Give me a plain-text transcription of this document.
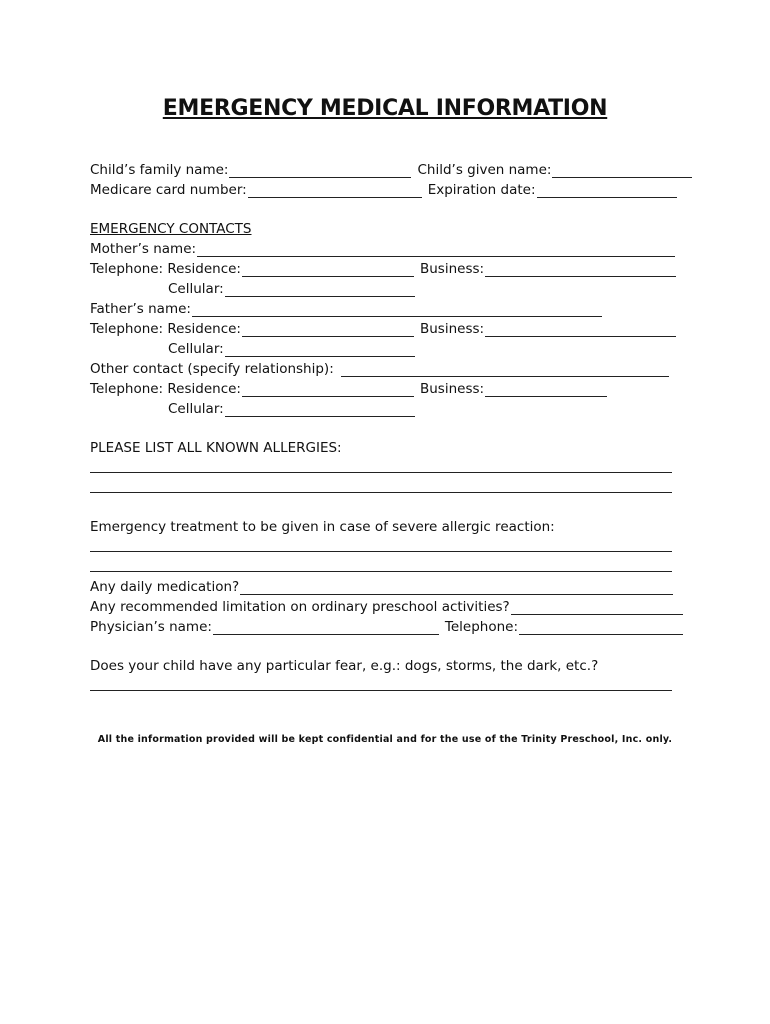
EMERGENCY MEDICAL INFORMATION
Child’s family name:	Child’s given name:
Medicare card number:	Expiration date:
EMERGENCY CONTACTS
Mother’s name:
Telephone: Residence:	Business:
Cellular:
Father’s name:
Telephone: Residence:	Business:
Cellular:
Other contact (specify relationship):
Telephone: Residence:	Business:
Cellular:
PLEASE LIST ALL KNOWN ALLERGIES:
Emergency treatment to be given in case of severe allergic reaction:
Any daily medication?
Any recommended limitation on ordinary preschool activities?
Physician’s name:	Telephone:
Does your child have any particular fear, e.g.: dogs, storms, the dark, etc.?
All the information provided will be kept confidential and for the use of the Trinity Preschool, Inc. only.
